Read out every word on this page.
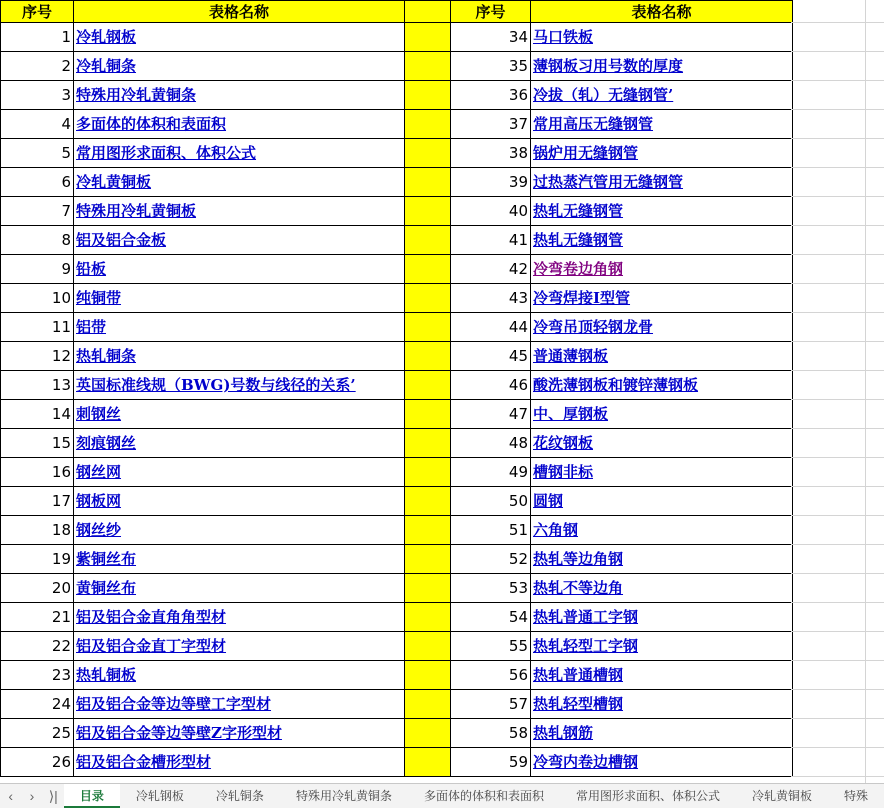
序号	表格名称		序号	表格名称
1	冷轧钢板		34	马口铁板
2	冷轧铜条		35	薄钢板习用号数的厚度
3	特殊用冷轧黄铜条		36	冷拔（轧）无缝钢管’
4	多面体的体积和表面积		37	常用高压无缝钢管
5	常用图形求面积、体积公式		38	锅炉用无缝钢管
6	冷轧黄铜板		39	过热蒸汽管用无缝钢管
7	特殊用冷轧黄铜板		40	热轧无缝钢管
8	铝及铝合金板		41	热轧无缝钢管
9	铅板		42	冷弯卷边角钢
10	纯铜带		43	冷弯焊接I型管
11	铝带		44	冷弯吊顶轻钢龙骨
12	热轧铜条		45	普通薄钢板
13	英国标准线规（BWG)号数与线径的关系’		46	酸洗薄钢板和镀锌薄钢板
14	刺钢丝		47	中、厚钢板
15	刻痕钢丝		48	花纹钢板
16	钢丝网		49	槽钢非标
17	钢板网		50	圆钢
18	钢丝纱		51	六角钢
19	紫铜丝布		52	热轧等边角钢
20	黄铜丝布		53	热轧不等边角
21	铝及铝合金直角角型材		54	热轧普通工字钢
22	铝及铝合金直丁字型材		55	热轧轻型工字钢
23	热轧铜板		56	热轧普通槽钢
24	铝及铝合金等边等壁工字型材		57	热轧轻型槽钢
25	铝及铝合金等边等壁Z字形型材		58	热轧钢筋
26	铝及铝合金槽形型材		59	冷弯内卷边槽钢
‹	›	⟩|	目录	冷轧钢板	冷轧铜条	特殊用冷轧黄铜条	多面体的体积和表面积	常用图形求面积、体积公式	冷轧黄铜板	特殊
